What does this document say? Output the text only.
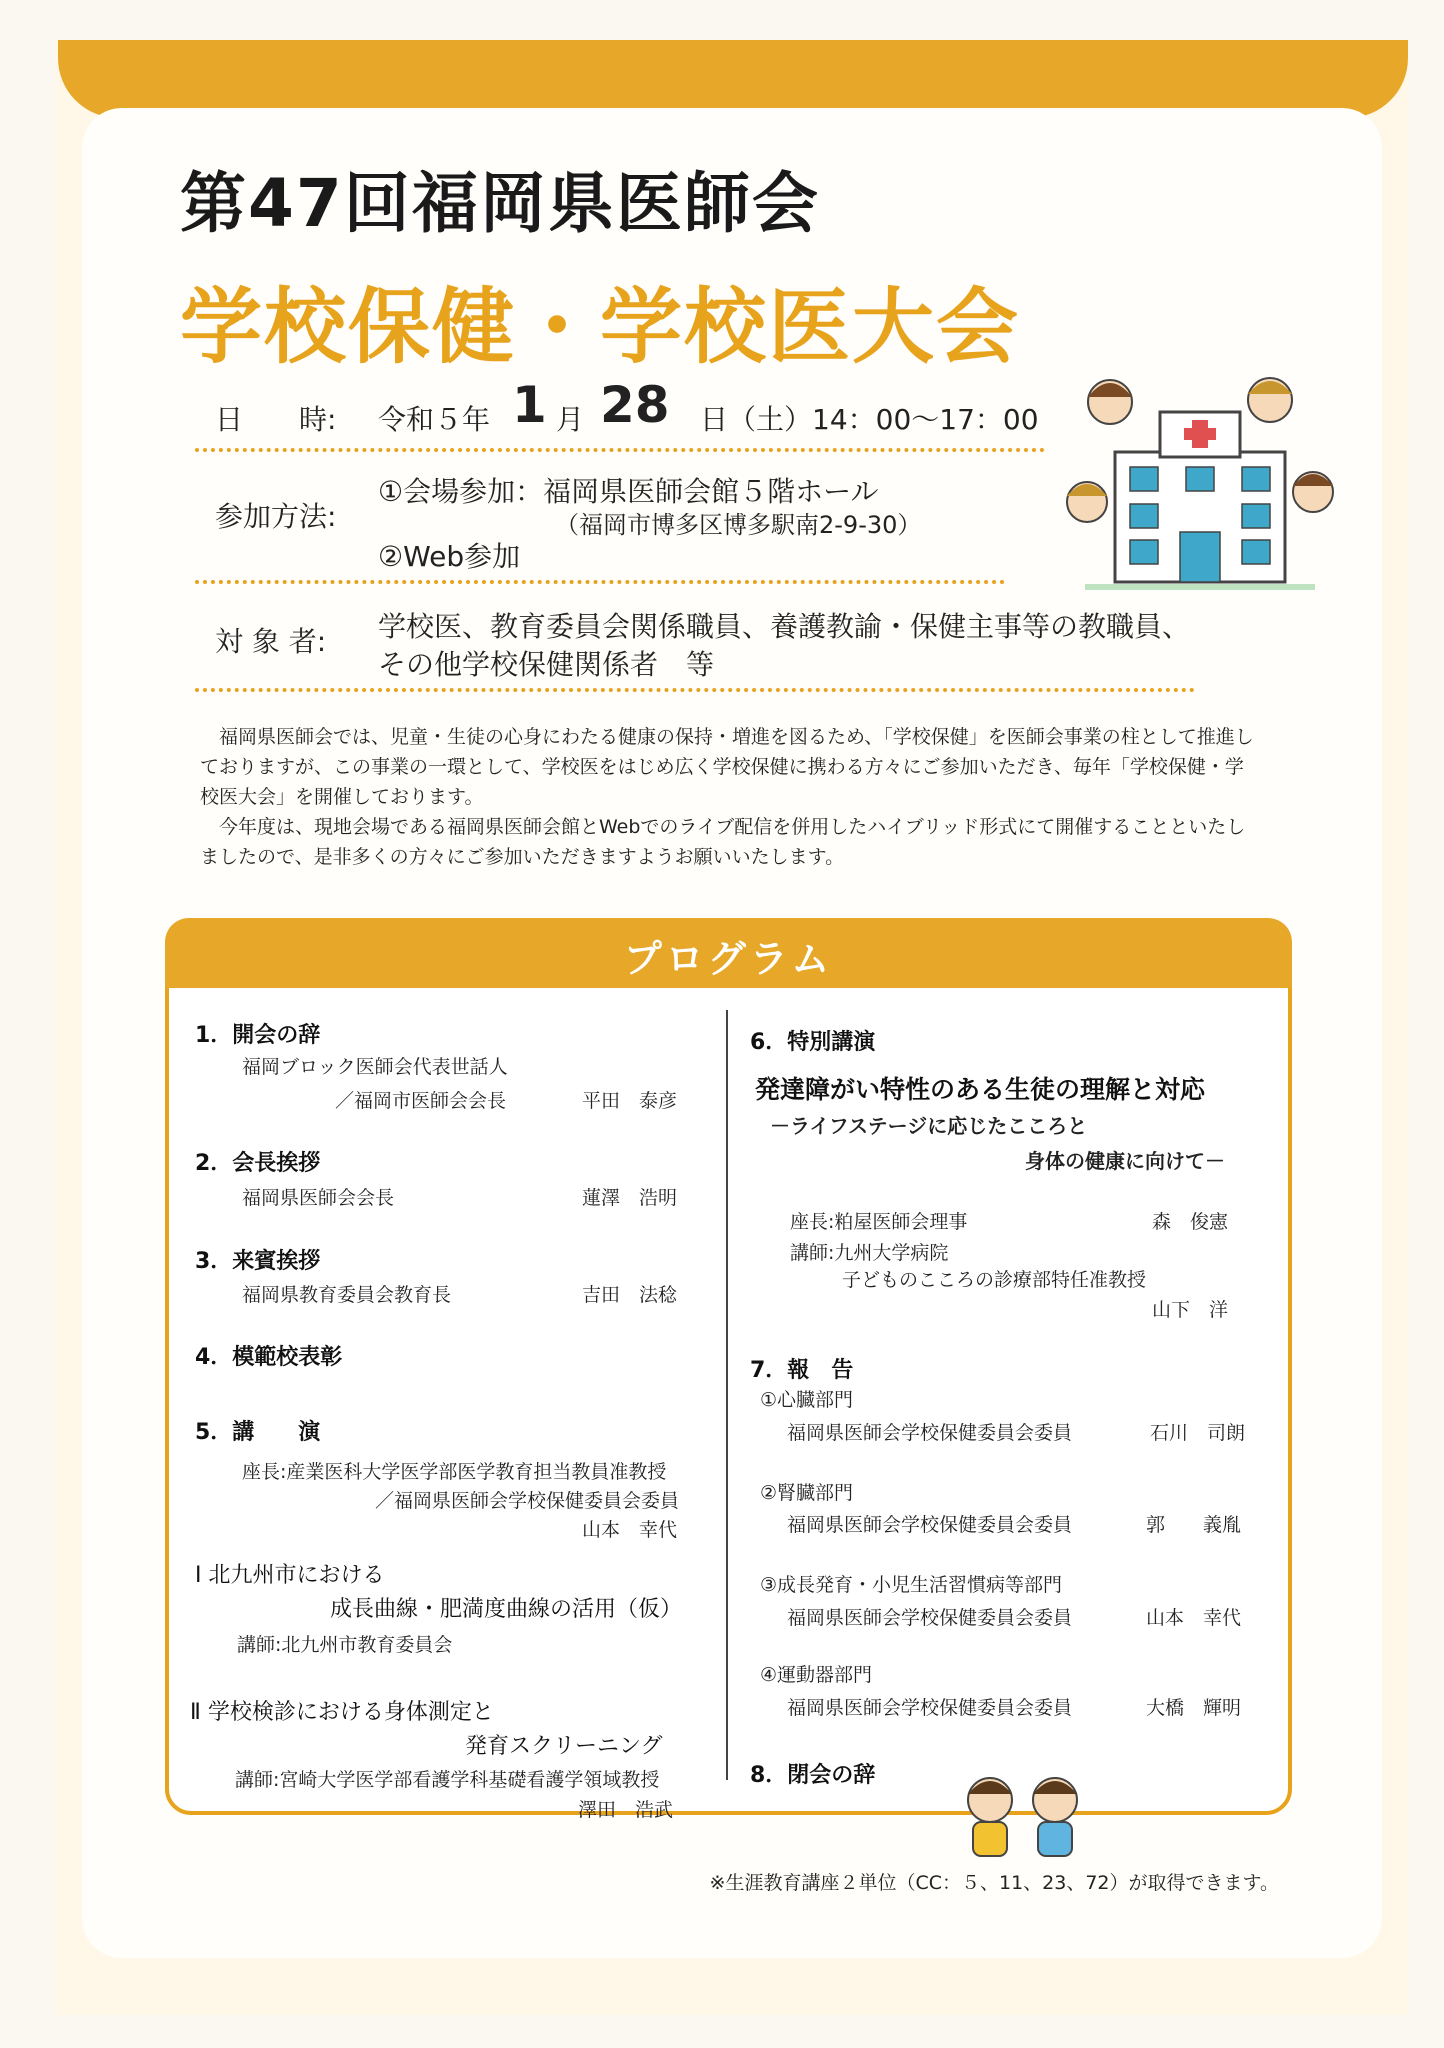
第47回福岡県医師会
学校保健・学校医大会
日　　時: 令和５年 1 月 28 日（土）14：00～17：00
参加方法:
①会場参加：福岡県医師会館５階ホール
（福岡市博多区博多駅南2-9-30）
②Web参加
対 象 者: 学校医、教育委員会関係職員、養護教諭・保健主事等の教職員、
その他学校保健関係者　等

福岡県医師会では、児童・生徒の心身にわたる健康の保持・増進を図るため、「学校保健」を医師会事業の柱として推進しておりますが、この事業の一環として、学校医をはじめ広く学校保健に携わる方々にご参加いただき、毎年「学校保健・学校医大会」を開催しております。

今年度は、現地会場である福岡県医師会館とWebでのライブ配信を併用したハイブリッド形式にて開催することといたしましたので、是非多くの方々にご参加いただきますようお願いいたします。

プログラム
1．開会の辞
福岡ブロック医師会代表世話人
／福岡市医師会会長	平田　泰彦
2．会長挨拶
福岡県医師会会長	蓮澤　浩明
3．来賓挨拶
福岡県教育委員会教育長	吉田　法稔
4．模範校表彰
5．講　　演
座長:産業医科大学医学部医学教育担当教員准教授
／福岡県医師会学校保健委員会委員
山本　幸代
Ⅰ 北九州市における
成長曲線・肥満度曲線の活用（仮）
講師:北九州市教育委員会
Ⅱ 学校検診における身体測定と
発育スクリーニング
講師:宮崎大学医学部看護学科基礎看護学領域教授
澤田　浩武
6．特別講演
発達障がい特性のある生徒の理解と対応
－ライフステージに応じたこころと
身体の健康に向けて－
座長:粕屋医師会理事	森　俊憲
講師:九州大学病院
子どものこころの診療部特任准教授
山下　洋
7．報　告
①心臓部門
福岡県医師会学校保健委員会委員	石川　司朗
②腎臓部門
福岡県医師会学校保健委員会委員	郭　　義胤
③成長発育・小児生活習慣病等部門
福岡県医師会学校保健委員会委員	山本　幸代
④運動器部門
福岡県医師会学校保健委員会委員	大橋　輝明
8．閉会の辞
※生涯教育講座２単位（CC：５、11、23、72）が取得できます。
